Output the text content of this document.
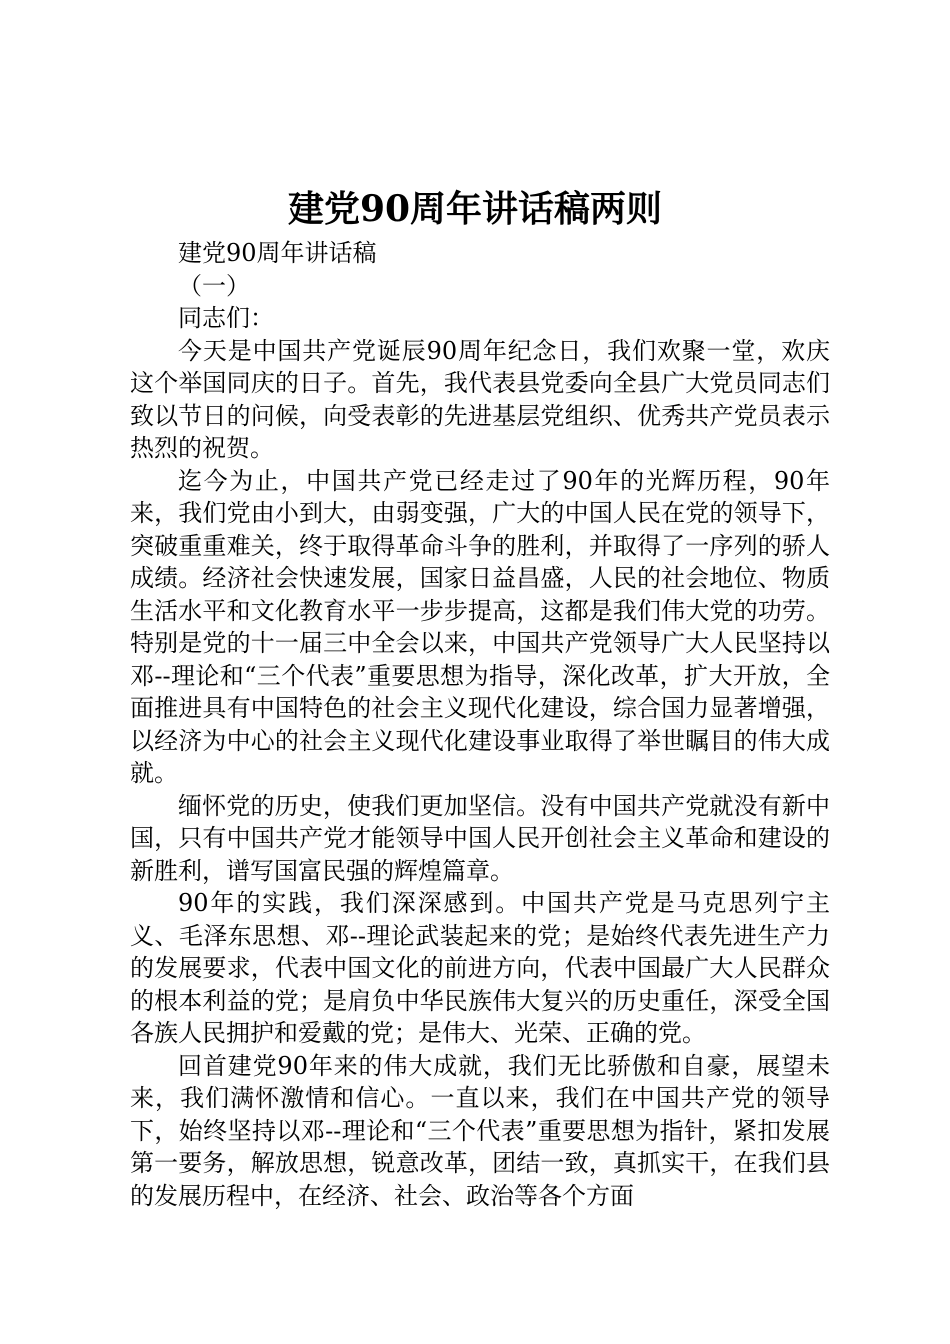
建党90周年讲话稿两则

建党90周年讲话稿

（一）

同志们：

今天是中国共产党诞辰90周年纪念日，我们欢聚一堂，欢庆这个举国同庆的日子。首先，我代表县党委向全县广大党员同志们致以节日的问候，向受表彰的先进基层党组织、优秀共产党员表示热烈的祝贺。

迄今为止，中国共产党已经走过了90年的光辉历程，90年来，我们党由小到大，由弱变强，广大的中国人民在党的领导下，突破重重难关，终于取得革命斗争的胜利，并取得了一序列的骄人成绩。经济社会快速发展，国家日益昌盛，人民的社会地位、物质生活水平和文化教育水平一步步提高，这都是我们伟大党的功劳。特别是党的十一届三中全会以来，中国共产党领导广大人民坚持以邓--理论和“三个代表”重要思想为指导，深化改革，扩大开放，全面推进具有中国特色的社会主义现代化建设，综合国力显著增强，以经济为中心的社会主义现代化建设事业取得了举世瞩目的伟大成就。

缅怀党的历史，使我们更加坚信。没有中国共产党就没有新中国，只有中国共产党才能领导中国人民开创社会主义革命和建设的新胜利，谱写国富民强的辉煌篇章。

90年的实践，我们深深感到。中国共产党是马克思列宁主义、毛泽东思想、邓--理论武装起来的党；是始终代表先进生产力的发展要求，代表中国文化的前进方向，代表中国最广大人民群众的根本利益的党；是肩负中华民族伟大复兴的历史重任，深受全国各族人民拥护和爱戴的党；是伟大、光荣、正确的党。

回首建党90年来的伟大成就，我们无比骄傲和自豪，展望未来，我们满怀激情和信心。一直以来，我们在中国共产党的领导下，始终坚持以邓--理论和“三个代表”重要思想为指针，紧扣发展第一要务，解放思想，锐意改革，团结一致，真抓实干，在我们县的发展历程中，在经济、社会、政治等各个方面
